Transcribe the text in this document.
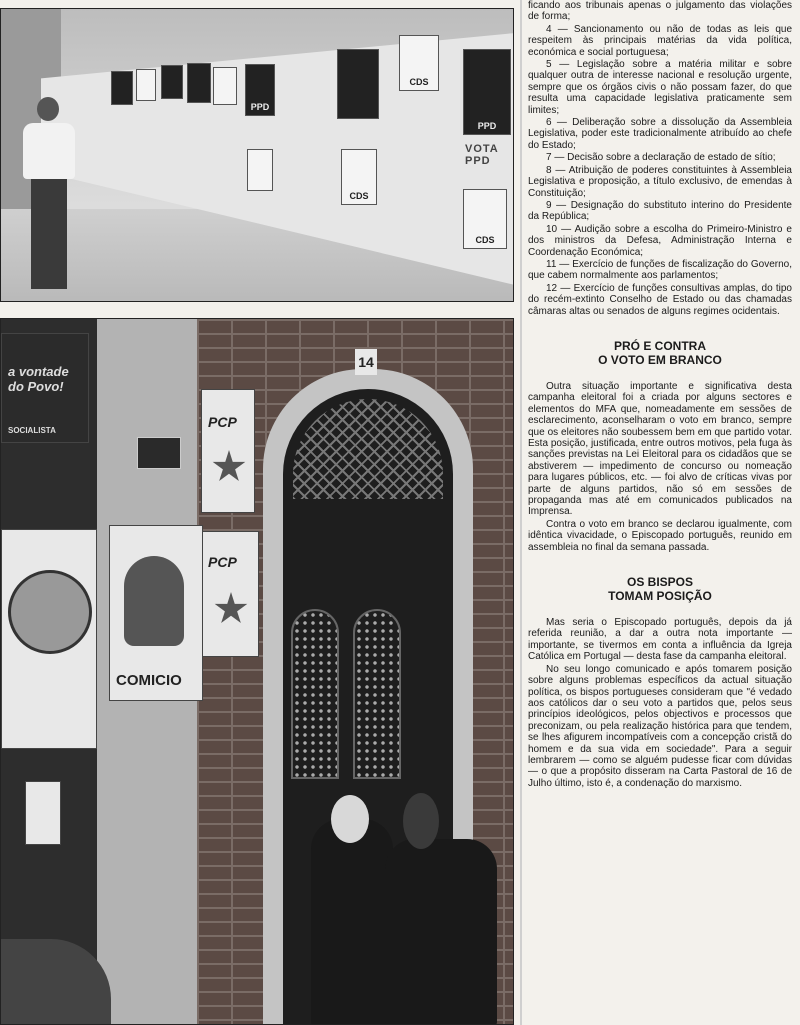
PPD
CDS
CDS
PPD
VOTA PPD
CDS
14
a vontade do Povo!
SOCIALISTA
PCP
PCP
COMICIO

ficando aos tribunais apenas o julgamento das violações de forma;

4 — Sancionamento ou não de todas as leis que respeitem às principais matérias da vida política, económica e social portuguesa;

5 — Legislação sobre a matéria militar e sobre qualquer outra de interesse nacional e resolução urgente, sempre que os órgãos civis o não possam fazer, do que resulta uma capacidade legislativa praticamente sem limites;

6 — Deliberação sobre a dissolução da Assembleia Legislativa, poder este tradicionalmente atribuído ao chefe do Estado;

7 — Decisão sobre a declaração de estado de sítio;

8 — Atribuição de poderes constituintes à Assembleia Legislativa e proposição, a título exclusivo, de emendas à Constituição;

9 — Designação do substituto interino do Presidente da República;

10 — Audição sobre a escolha do Primeiro-Ministro e dos ministros da Defesa, Administração Interna e Coordenação Económica;

11 — Exercício de funções de fiscalização do Governo, que cabem normalmente aos parlamentos;

12 — Exercício de funções consultivas amplas, do tipo do recém-extinto Conselho de Estado ou das chamadas câmaras altas ou senados de alguns regimes ocidentais.

PRÓ E CONTRA

O VOTO EM BRANCO

Outra situação importante e significativa desta campanha eleitoral foi a criada por alguns sectores e elementos do MFA que, nomeadamente em sessões de esclarecimento, aconselharam o voto em branco, sempre que os eleitores não soubessem bem em que partido votar. Esta posição, justificada, entre outros motivos, pela fuga às sanções previstas na Lei Eleitoral para os cidadãos que se abstiverem — impedimento de concurso ou nomeação para lugares públicos, etc. — foi alvo de críticas vivas por parte de alguns partidos, não só em sessões de propaganda mas até em comunicados publicados na Imprensa.

Contra o voto em branco se declarou igualmente, com idêntica vivacidade, o Episcopado português, reunido em assembleia no final da semana passada.

OS BISPOS

TOMAM POSIÇÃO

Mas seria o Episcopado português, depois da já referida reunião, a dar a outra nota importante — importante, se tivermos em conta a influência da Igreja Católica em Portugal — desta fase da campanha eleitoral.

No seu longo comunicado e após tomarem posição sobre alguns problemas específicos da actual situação política, os bispos portugueses consideram que "é vedado aos católicos dar o seu voto a partidos que, pelos seus princípios ideológicos, pelos objectivos e processos que preconizam, ou pela realização histórica para que tendem, se lhes afigurem incompatíveis com a concepção cristã do homem e da sua vida em sociedade". Para a seguir lembrarem — como se alguém pudesse ficar com dúvidas — o que a propósito disseram na Carta Pastoral de 16 de Julho último, isto é, a condenação do marxismo.
